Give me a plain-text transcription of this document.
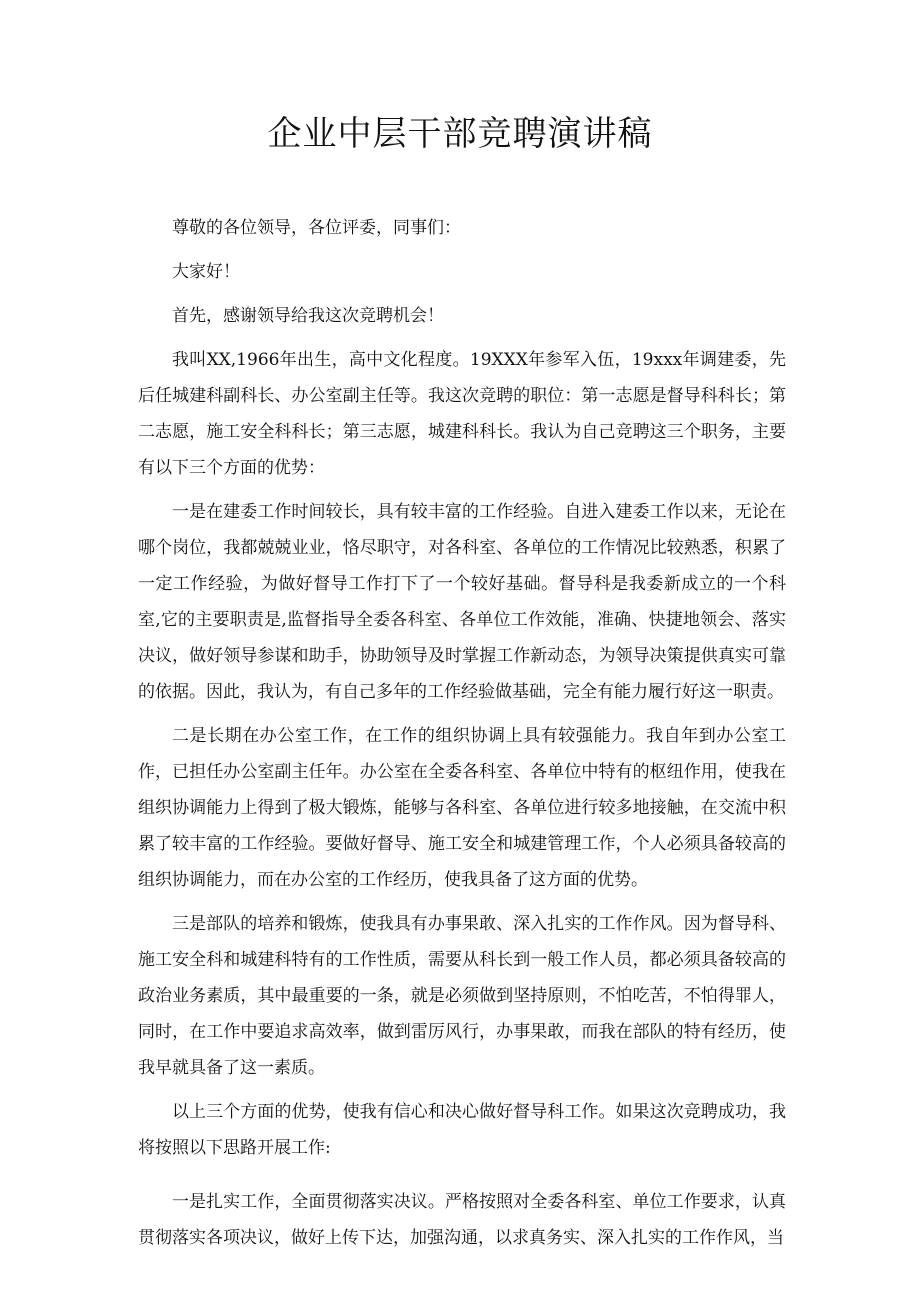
企业中层干部竞聘演讲稿

尊敬的各位领导，各位评委，同事们：

大家好！

首先，感谢领导给我这次竞聘机会！

我叫XX,1966年出生，高中文化程度。19XXX年参军入伍，19xxx年调建委，先后任城建科副科长、办公室副主任等。我这次竞聘的职位：第一志愿是督导科科长；第二志愿，施工安全科科长；第三志愿，城建科科长。我认为自己竞聘这三个职务，主要有以下三个方面的优势：

一是在建委工作时间较长，具有较丰富的工作经验。自进入建委工作以来，无论在哪个岗位，我都兢兢业业，恪尽职守，对各科室、各单位的工作情况比较熟悉，积累了一定工作经验，为做好督导工作打下了一个较好基础。督导科是我委新成立的一个科室,它的主要职责是,监督指导全委各科室、各单位工作效能，准确、快捷地领会、落实决议，做好领导参谋和助手，协助领导及时掌握工作新动态，为领导决策提供真实可靠的依据。因此，我认为，有自己多年的工作经验做基础，完全有能力履行好这一职责。

二是长期在办公室工作，在工作的组织协调上具有较强能力。我自年到办公室工作，已担任办公室副主任年。办公室在全委各科室、各单位中特有的枢纽作用，使我在组织协调能力上得到了极大锻炼，能够与各科室、各单位进行较多地接触，在交流中积累了较丰富的工作经验。要做好督导、施工安全和城建管理工作，个人必须具备较高的组织协调能力，而在办公室的工作经历，使我具备了这方面的优势。

三是部队的培养和锻炼，使我具有办事果敢、深入扎实的工作作风。因为督导科、施工安全科和城建科特有的工作性质，需要从科长到一般工作人员，都必须具备较高的政治业务素质，其中最重要的一条，就是必须做到坚持原则，不怕吃苦，不怕得罪人，同时，在工作中要追求高效率，做到雷厉风行，办事果敢，而我在部队的特有经历，使我早就具备了这一素质。

以上三个方面的优势，使我有信心和决心做好督导科工作。如果这次竞聘成功，我将按照以下思路开展工作:

一是扎实工作，全面贯彻落实决议。严格按照对全委各科室、单位工作要求，认真贯彻落实各项决议，做好上传下达，加强沟通，以求真务实、深入扎实的工作作风，当
